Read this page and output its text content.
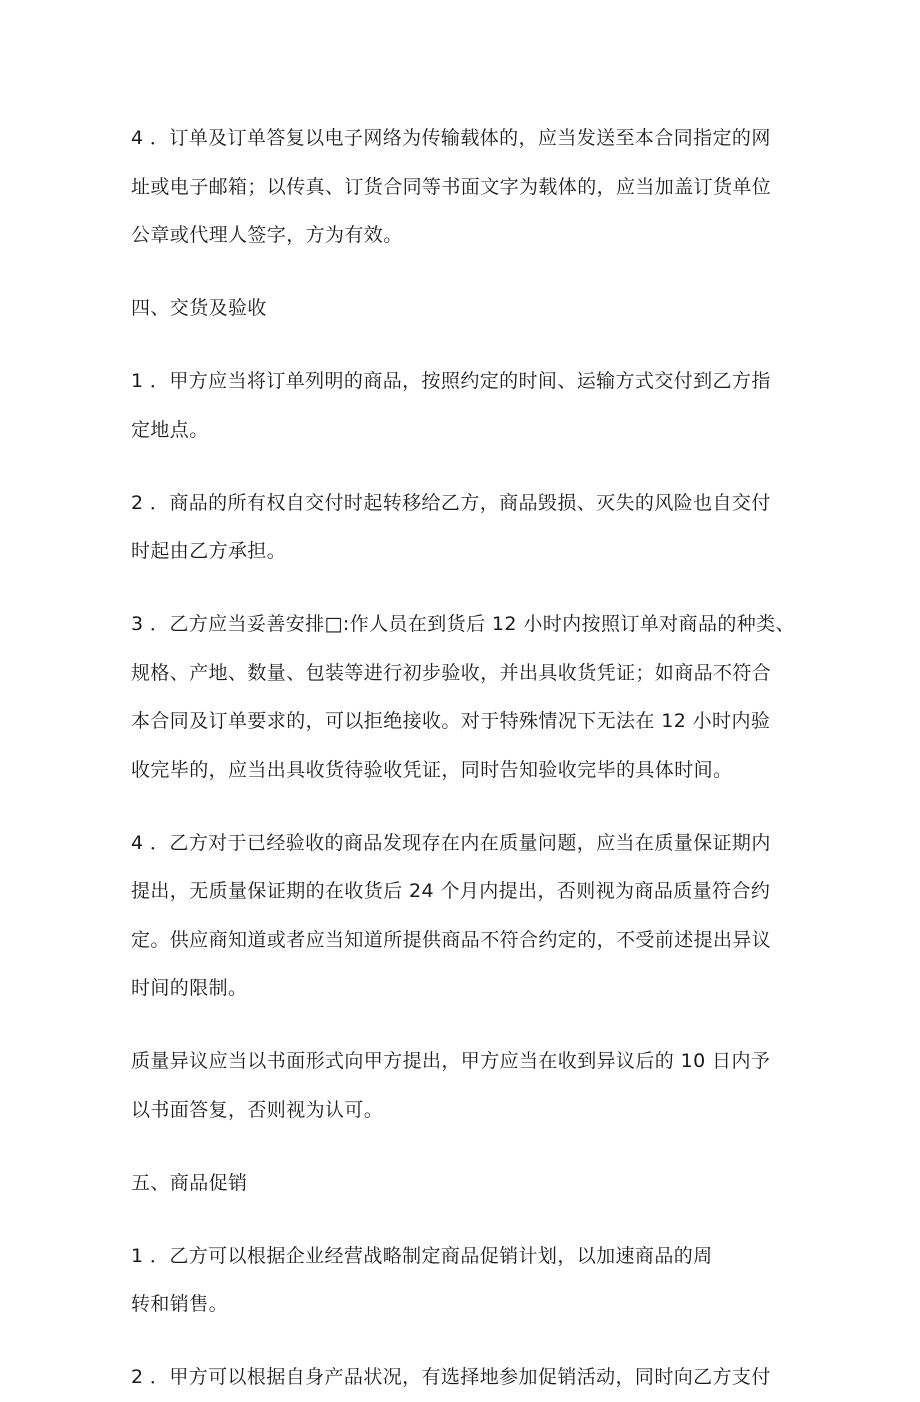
4 ．订单及订单答复以电子网络为传输载体的，应当发送至本合同指定的网
址或电子邮箱；以传真、订货合同等书面文字为载体的，应当加盖订货单位
公章或代理人签字，方为有效。

四、交货及验收

1 ．甲方应当将订单列明的商品，按照约定的时间、运输方式交付到乙方指
定地点。

2 ．商品的所有权自交付时起转移给乙方，商品毁损、灭失的风险也自交付
时起由乙方承担。

3 ．乙方应当妥善安排□:作人员在到货后 12 小时内按照订单对商品的种类、
规格、产地、数量、包装等进行初步验收，并出具收货凭证；如商品不符合
本合同及订单要求的，可以拒绝接收。对于特殊情况下无法在 12 小时内验
收完毕的，应当出具收货待验收凭证，同时告知验收完毕的具体时间。

4 ．乙方对于已经验收的商品发现存在内在质量问题，应当在质量保证期内
提出，无质量保证期的在收货后 24 个月内提出，否则视为商品质量符合约
定。供应商知道或者应当知道所提供商品不符合约定的，不受前述提出异议
时间的限制。

质量异议应当以书面形式向甲方提出，甲方应当在收到异议后的 10 日内予
以书面答复，否则视为认可。

五、商品促销

1 ．乙方可以根据企业经营战略制定商品促销计划，以加速商品的周
转和销售。

2 ．甲方可以根据自身产品状况，有选择地参加促销活动，同时向乙方支付
